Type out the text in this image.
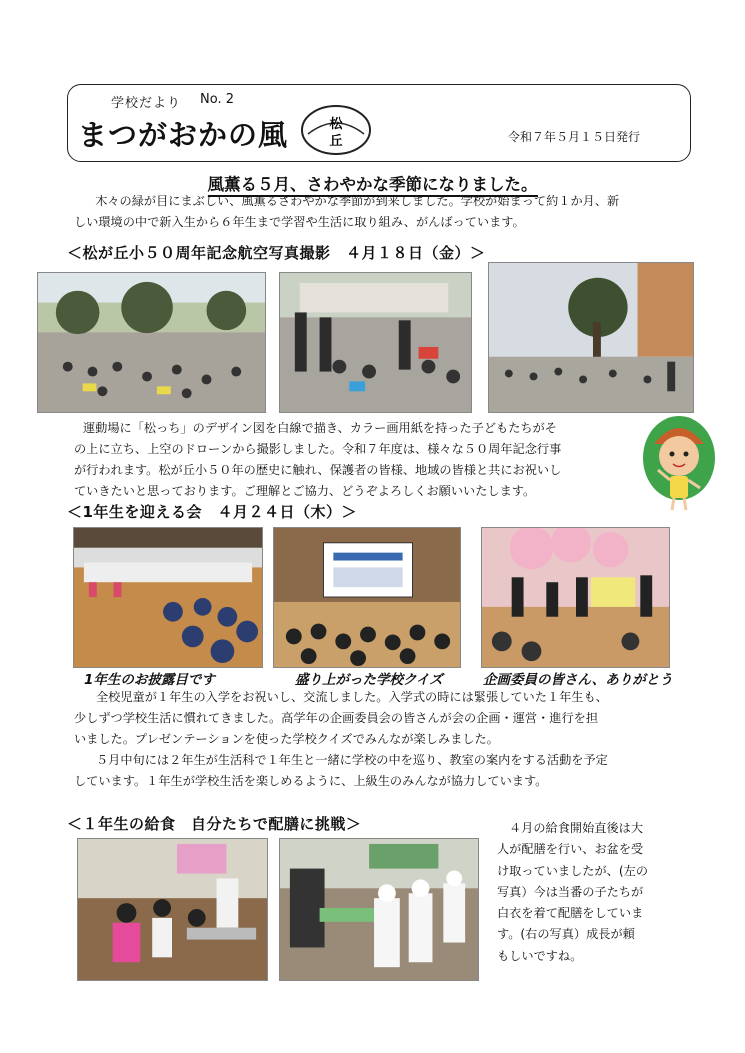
学校だより No. 2
まつがおかの風	松
丘	令和７年５月１５日発行
風薫る５月、さわやかな季節になりました。
木々の緑が目にまぶしい、風薫るさわやかな季節が到来しました。学校が始まって約１か月、新
しい環境の中で新入生から６年生まで学習や生活に取り組み、がんばっています。
＜松が丘小５０周年記念航空写真撮影　４月１８日（金）＞
運動場に「松っち」のデザイン図を白線で描き、カラー画用紙を持った子どもたちがそ
の上に立ち、上空のドローンから撮影しました。令和７年度は、様々な５０周年記念行事
が行われます。松が丘小５０年の歴史に触れ、保護者の皆様、地域の皆様と共にお祝いし
ていきたいと思っております。ご理解とご協力、どうぞよろしくお願いいたします。
＜1年生を迎える会　４月２４日（木）＞
1年生のお披露目です	盛り上がった学校クイズ	企画委員の皆さん、ありがとう
全校児童が１年生の入学をお祝いし、交流しました。入学式の時には緊張していた１年生も、
少しずつ学校生活に慣れてきました。高学年の企画委員会の皆さんが会の企画・運営・進行を担
いました。プレゼンテーションを使った学校クイズでみんなが楽しみました。
５月中旬には２年生が生活科で１年生と一緒に学校の中を巡り、教室の案内をする活動を予定
しています。１年生が学校生活を楽しめるように、上級生のみんなが協力しています。
＜１年生の給食　自分たちで配膳に挑戦＞	４月の給食開始直後は大
人が配膳を行い、お盆を受
け取っていましたが、(左の
写真）今は当番の子たちが
白衣を着て配膳をしていま
す。(右の写真）成長が頼
もしいですね。
